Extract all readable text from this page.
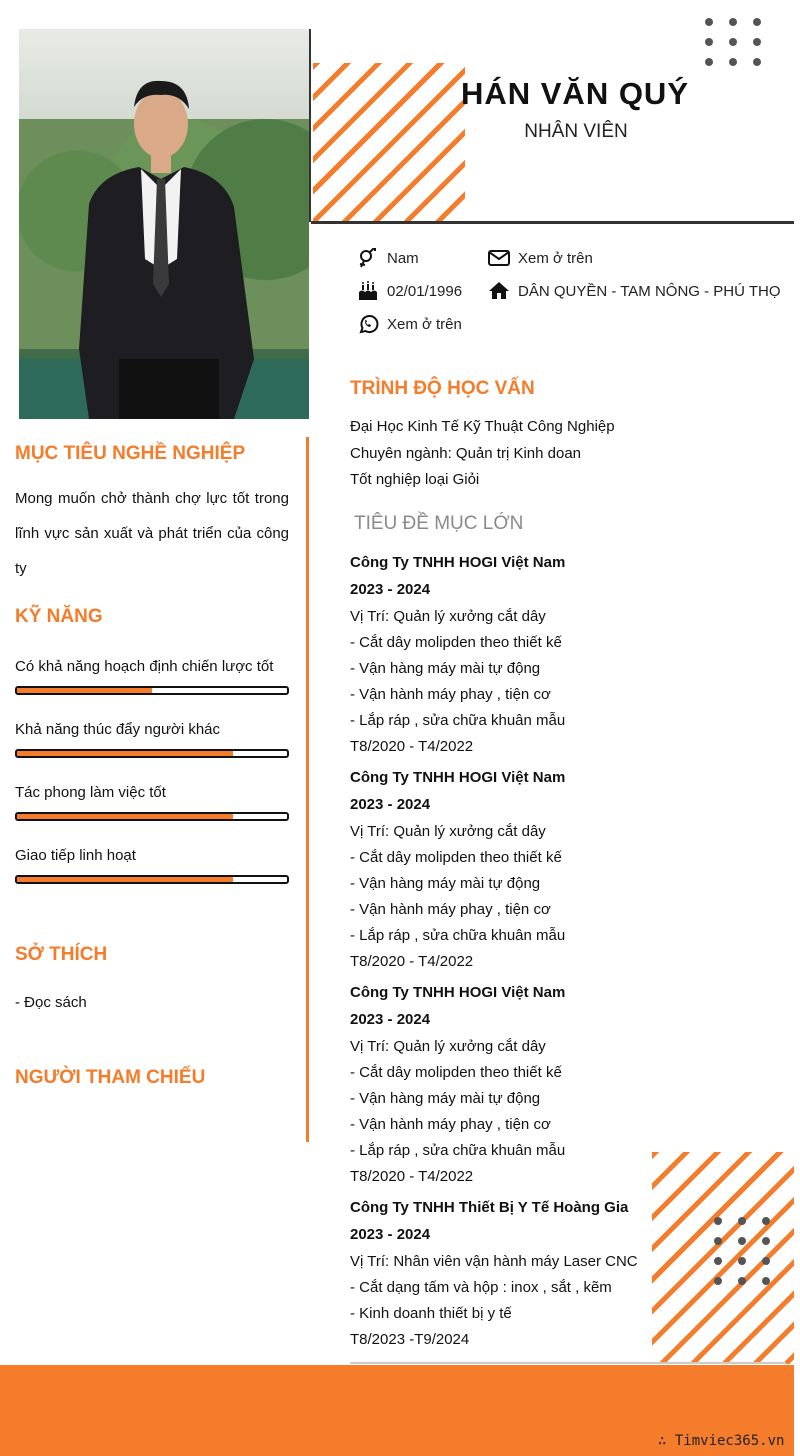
HÁN VĂN QUÝ
NHÂN VIÊN
Nam	Xem ở trên
02/01/1996	DÂN QUYỀN - TAM NÔNG - PHÚ THỌ
Xem ở trên
MỤC TIÊU NGHỀ NGHIỆP
Mong muốn chở thành chợ lực tốt trong lĩnh vực sản xuất và phát triển của công ty
KỸ NĂNG
Có khả năng hoạch định chiến lược tốt
Khả năng thúc đẩy người khác
Tác phong làm việc tốt
Giao tiếp linh hoạt
SỞ THÍCH
- Đọc sách
NGƯỜI THAM CHIẾU
TRÌNH ĐỘ HỌC VẤN
Đại Học Kinh Tế Kỹ Thuật Công Nghiệp
Chuyên ngành: Quản trị Kinh doan
Tốt nghiệp loại Giỏi
TIÊU ĐỀ MỤC LỚN
Công Ty TNHH HOGI Việt Nam
2023 - 2024
Vị Trí: Quản lý xưởng cắt dây
- Cắt dây molipden theo thiết kế
- Vận hàng máy mài tự động
- Vận hành máy phay , tiện cơ
- Lắp ráp , sửa chữa khuân mẫu
T8/2020 - T4/2022
Công Ty TNHH HOGI Việt Nam
2023 - 2024
Vị Trí: Quản lý xưởng cắt dây
- Cắt dây molipden theo thiết kế
- Vận hàng máy mài tự động
- Vận hành máy phay , tiện cơ
- Lắp ráp , sửa chữa khuân mẫu
T8/2020 - T4/2022
Công Ty TNHH HOGI Việt Nam
2023 - 2024
Vị Trí: Quản lý xưởng cắt dây
- Cắt dây molipden theo thiết kế
- Vận hàng máy mài tự động
- Vận hành máy phay , tiện cơ
- Lắp ráp , sửa chữa khuân mẫu
T8/2020 - T4/2022
Công Ty TNHH Thiết Bị Y Tế Hoàng Gia
2023 - 2024
Vị Trí: Nhân viên vận hành máy Laser CNC
- Cắt dạng tấm và hộp : inox , sắt , kẽm
- Kinh doanh thiết bị y tế
T8/2023 -T9/2024
∴ Timviec365.vn
